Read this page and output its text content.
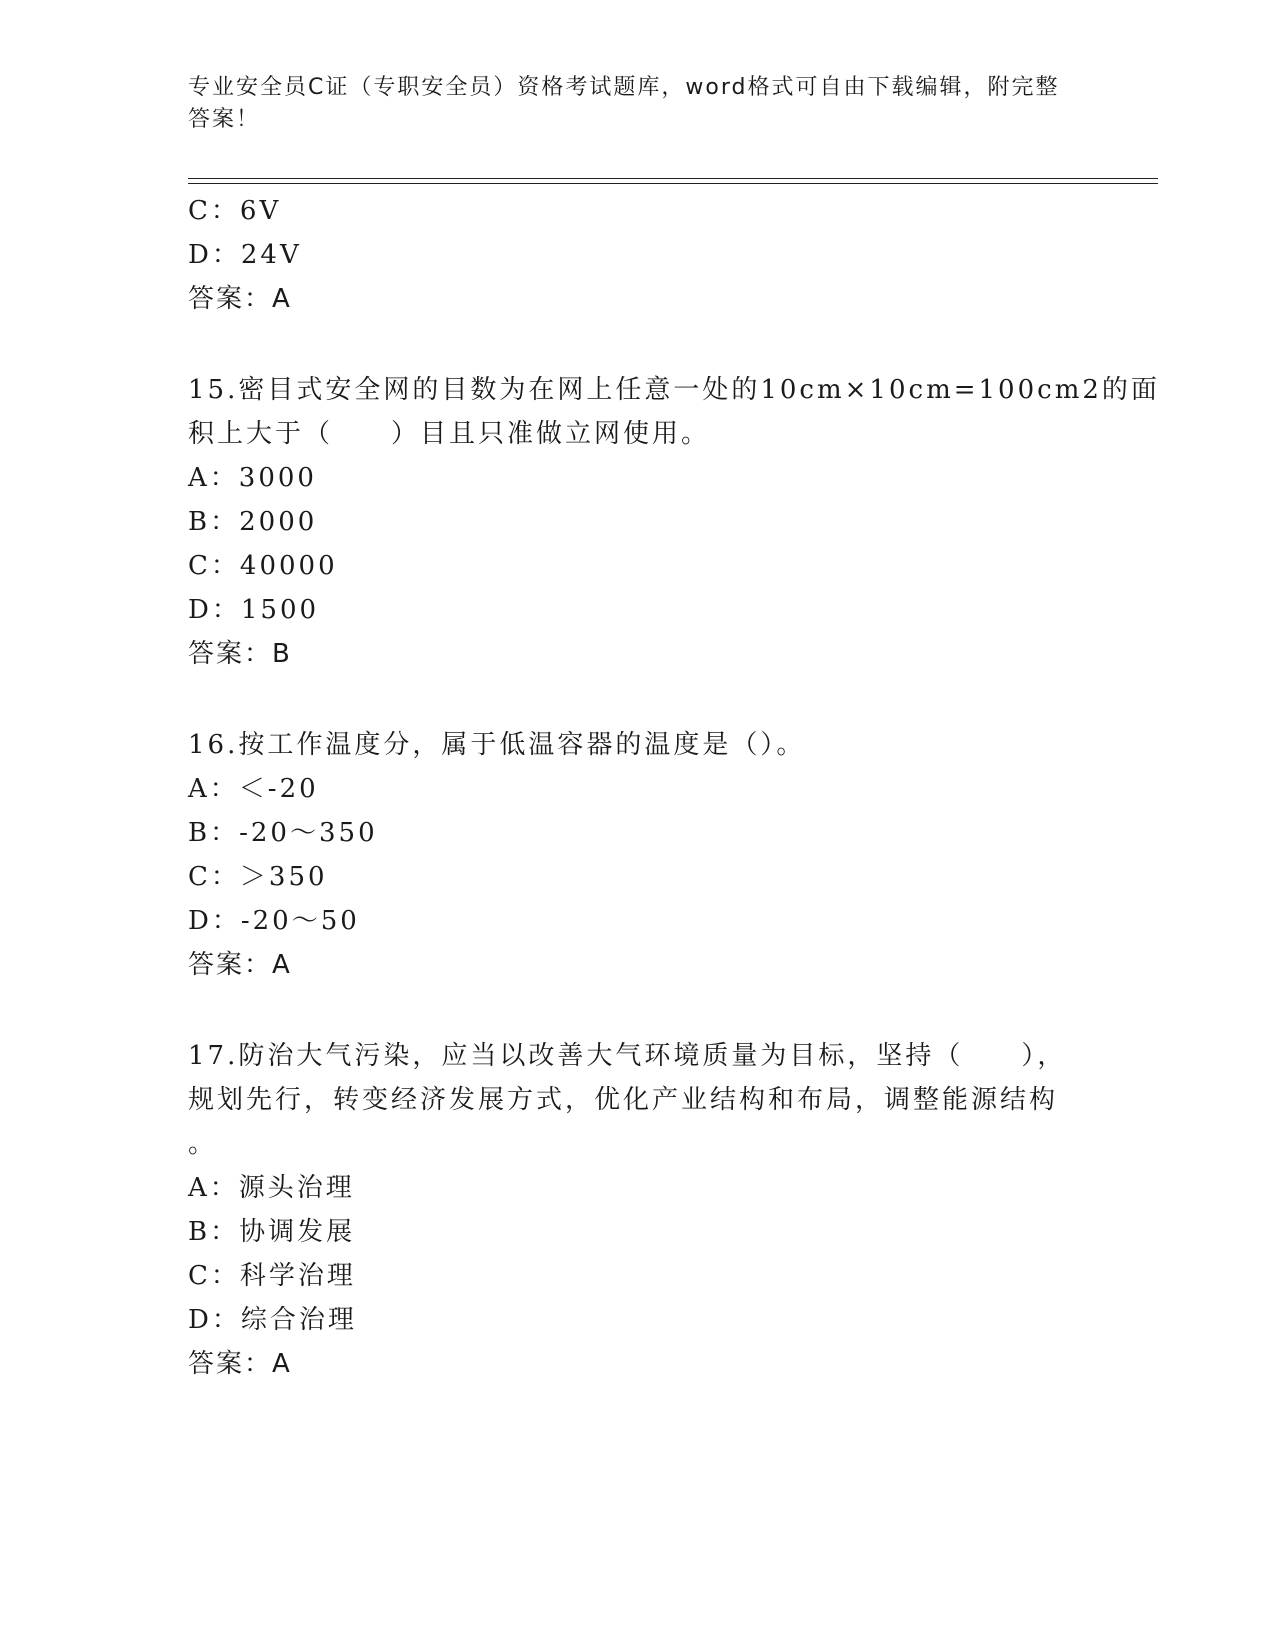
专业安全员C证（专职安全员）资格考试题库，word格式可自由下载编辑，附完整答案！
C：6V
D：24V
答案：A
15.密目式安全网的目数为在网上任意一处的10cm×10cm=100cm2的面
积上大于（　　）目且只准做立网使用。
A：3000
B：2000
C：40000
D：1500
答案：B
16.按工作温度分，属于低温容器的温度是（）。
A：＜-20
B：-20～350
C：＞350
D：-20～50
答案：A
17.防治大气污染，应当以改善大气环境质量为目标，坚持（　　），
规划先行，转变经济发展方式，优化产业结构和布局，调整能源结构
。
A：源头治理
B：协调发展
C：科学治理
D：综合治理
答案：A
